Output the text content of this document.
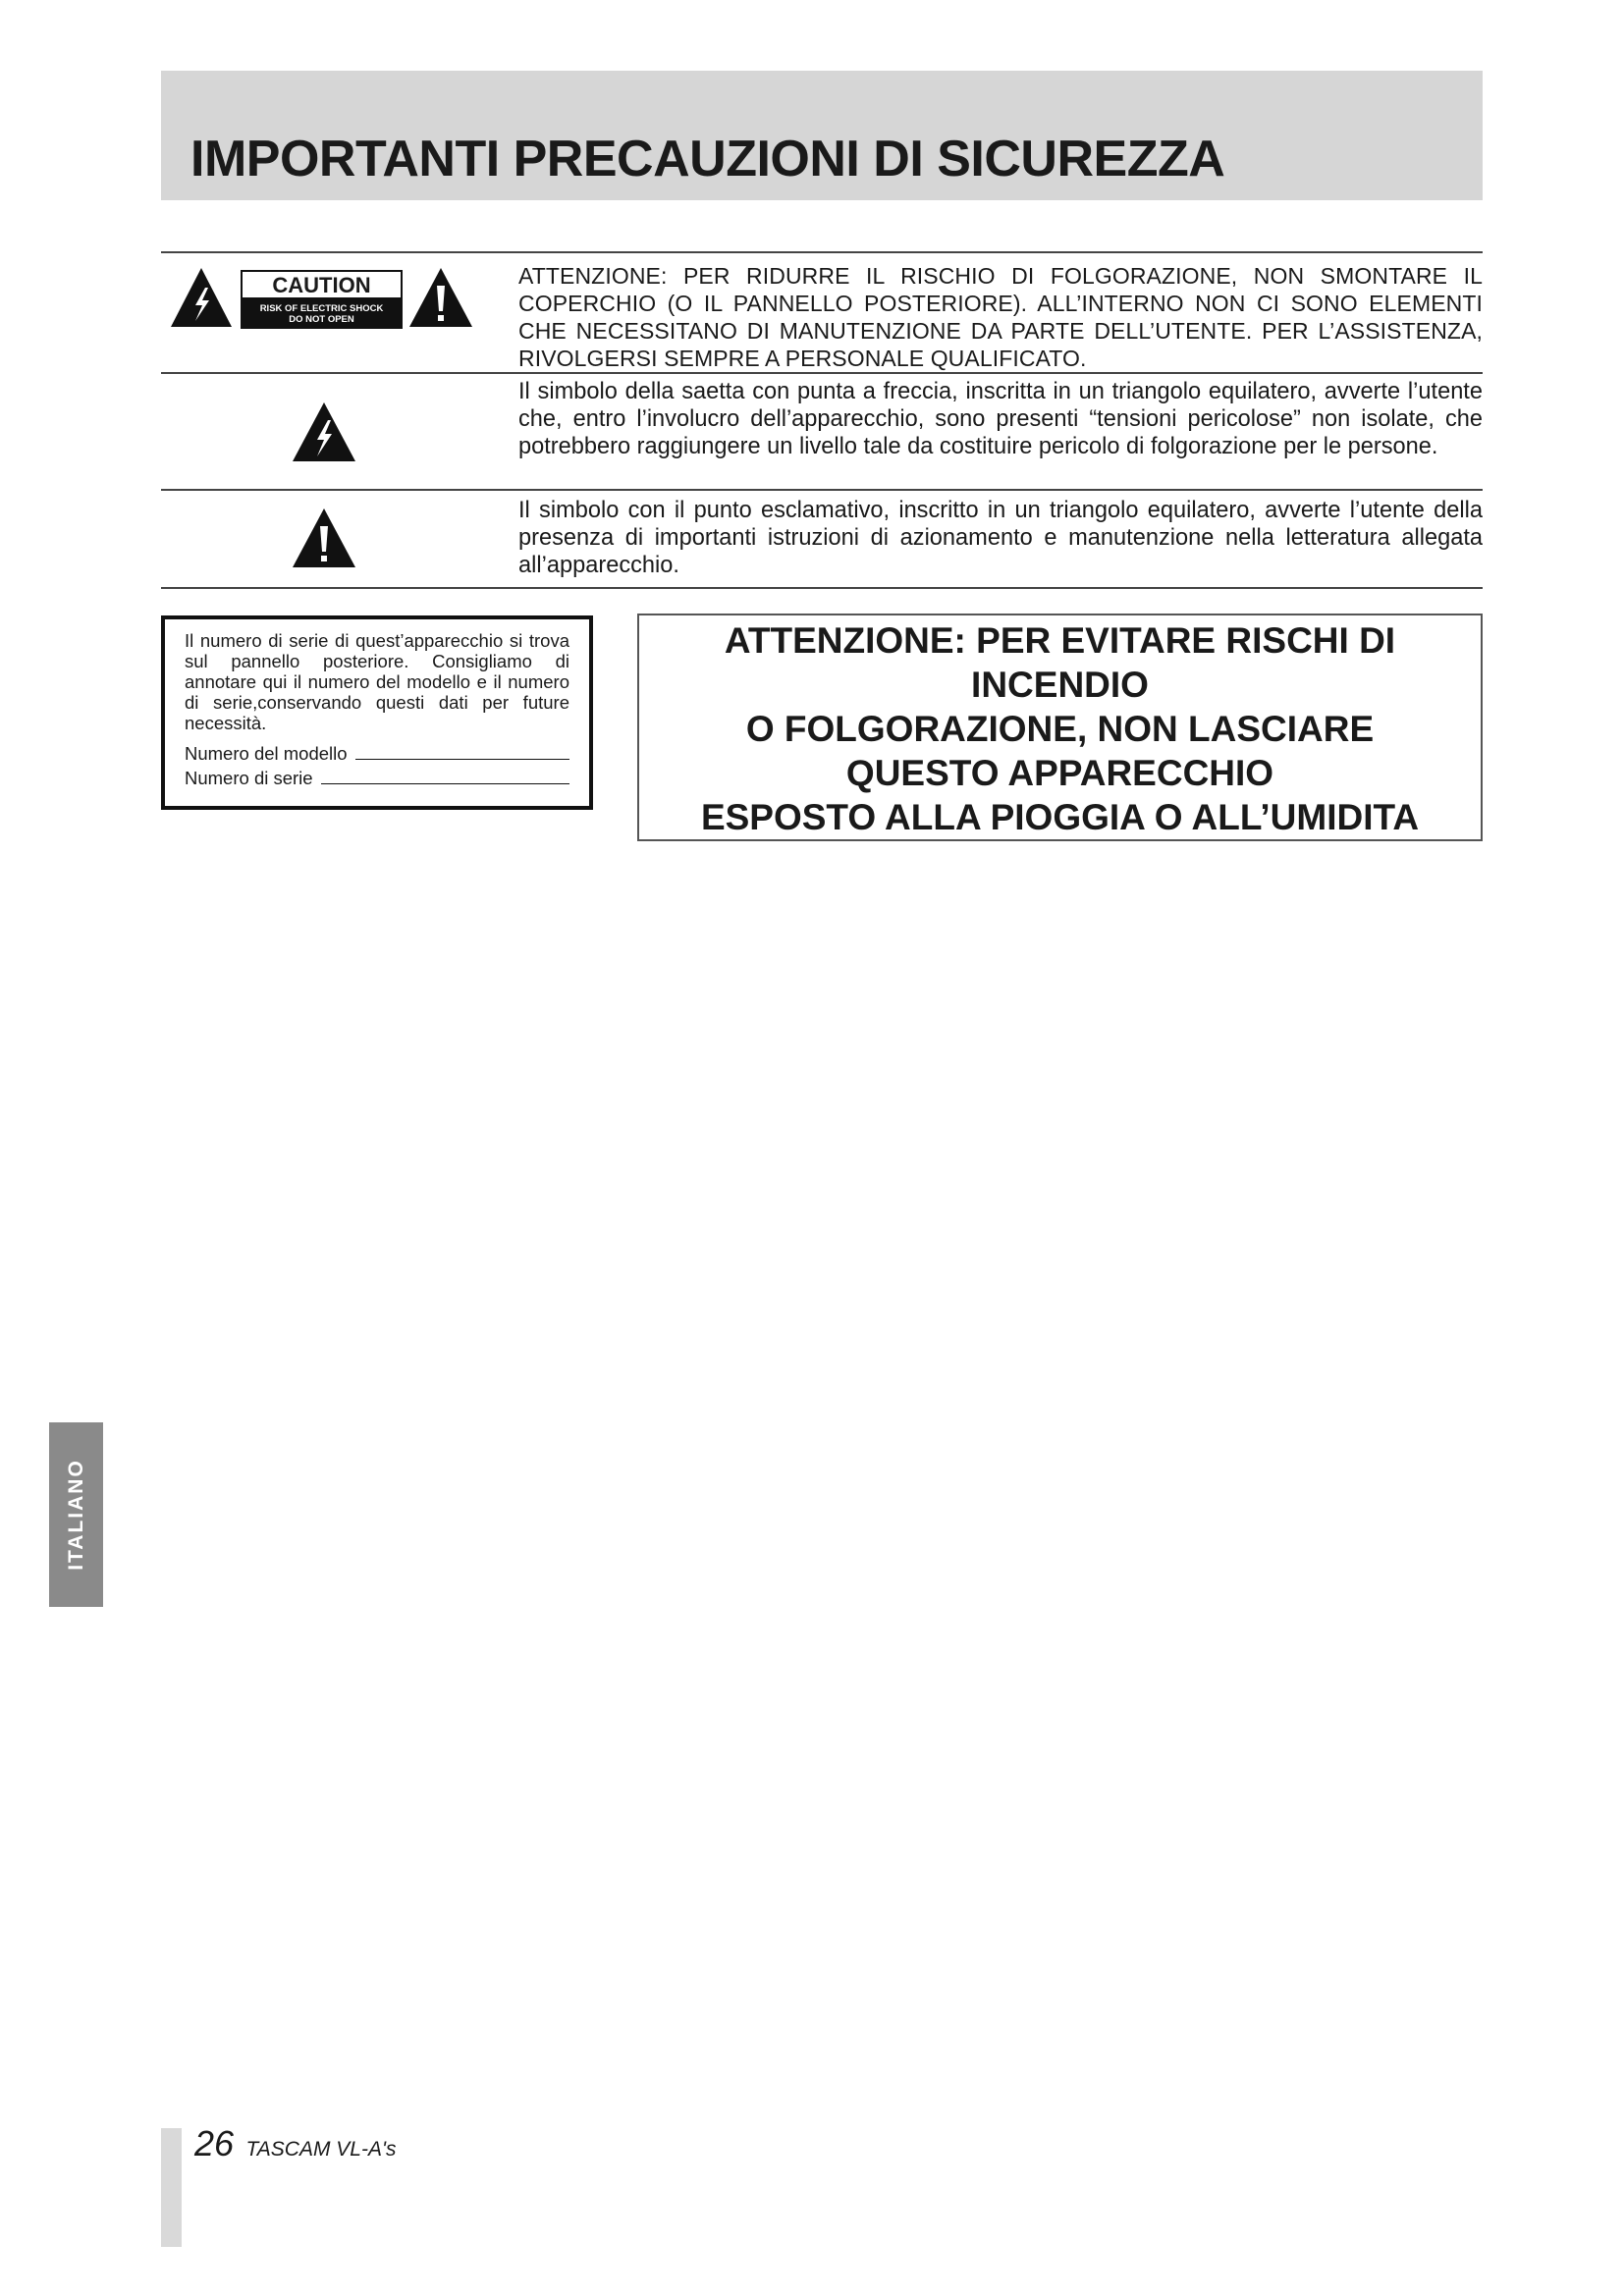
IMPORTANTI PRECAUZIONI DI SICUREZZA
CAUTION
RISK OF ELECTRIC SHOCK
DO NOT OPEN
ATTENZIONE: PER RIDURRE IL RISCHIO DI FOLGORAZIONE, NON SMONTARE IL COPERCHIO (O IL PANNELLO POSTERIORE). ALL’INTERNO NON CI SONO ELEMENTI CHE NECESSITANO DI MANUTENZIONE DA PARTE DELL’UTENTE. PER L’ASSISTENZA, RIVOLGERSI SEMPRE A PERSONALE QUALIFICATO.
Il simbolo della saetta con punta a freccia, inscritta in un triangolo equilatero, avverte l’utente che, entro l’involucro dell’apparecchio, sono presenti “tensioni pericolose” non isolate, che potrebbero raggiungere un livello tale da costituire pericolo di folgorazione per le persone.
Il simbolo con il punto esclamativo, inscritto in un triangolo equilatero, avverte l’utente della presenza di importanti istruzioni di azionamento e manutenzione nella letteratura allegata all’apparecchio.
Il numero di serie di quest’apparecchio si trova sul pannello posteriore. Consigliamo di annotare qui il numero del modello e il numero di serie,conservando questi dati per future necessità.
Numero del modello
Numero di serie
ATTENZIONE: PER EVITARE RISCHI DI
INCENDIO
O FOLGORAZIONE, NON LASCIARE
QUESTO APPARECCHIO
ESPOSTO ALLA PIOGGIA O ALL’UMIDITA
ITALIANO
26 TASCAM VL-A's
